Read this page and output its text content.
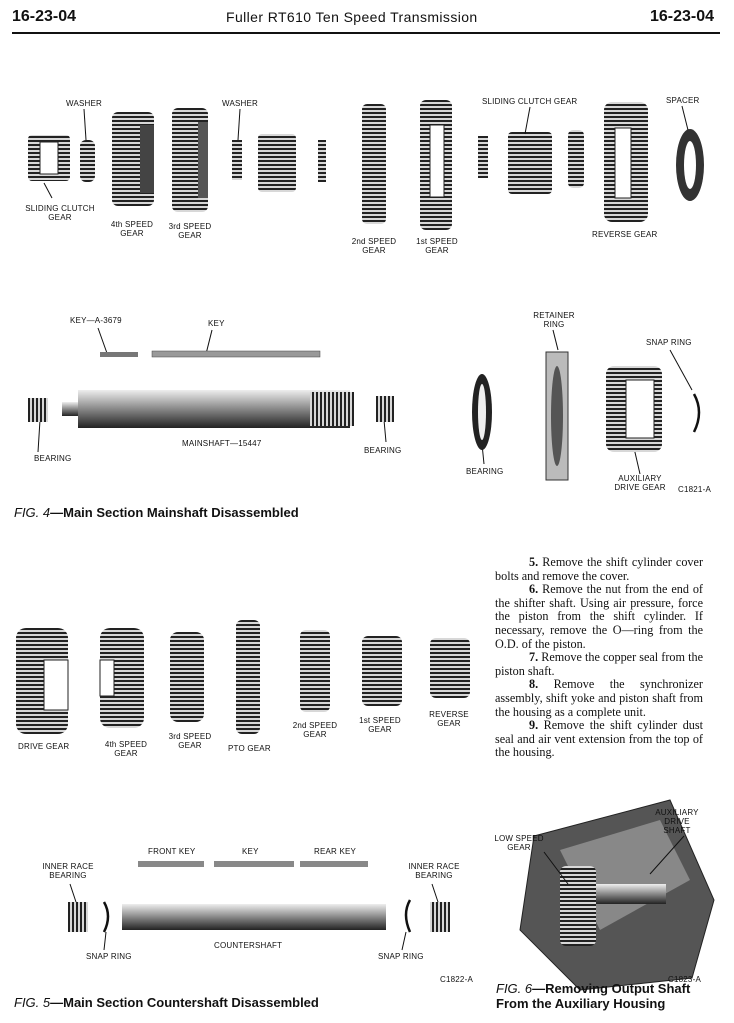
16-23-04	Fuller RT610 Ten Speed Transmission	16-23-04
WASHER	WASHER	SLIDING CLUTCH GEAR	SPACER
SLIDING CLUTCH
GEAR
4th SPEED
GEAR
3rd SPEED
GEAR
2nd SPEED
GEAR
1st SPEED
GEAR
REVERSE GEAR
KEY—A-3679	KEY
RETAINER
RING
SNAP RING
BEARING
MAINSHAFT—15447
BEARING
BEARING
AUXILIARY
DRIVE GEAR C1821-A
FIG. 4—Main Section Mainshaft Disassembled

5. Remove the shift cylinder cover bolts and remove the cover.

6. Remove the nut from the end of the shifter shaft. Using air pressure, force the piston from the shift cylinder. If necessary, remove the O—ring from the O.D. of the piston.

7. Remove the copper seal from the piston shaft.

8. Remove the synchronizer assembly, shift yoke and piston shaft from the housing as a complete unit.

9. Remove the shift cylinder dust seal and air vent extension from the top of the housing.

DRIVE GEAR	4th SPEED
GEAR
3rd SPEED
GEAR	PTO GEAR
2nd SPEED
GEAR
1st SPEED
GEAR
REVERSE
GEAR
FRONT KEY	KEY	REAR KEY
INNER RACE
BEARING
INNER RACE
BEARING
SNAP RING
COUNTERSHAFT
SNAP RING
C1822-A
FIG. 5—Main Section Countershaft Disassembled
AUXILIARY
DRIVE
SHAFT
LOW SPEED
GEAR
C1823-A
FIG. 6—Removing Output Shaft
From the Auxiliary Housing
